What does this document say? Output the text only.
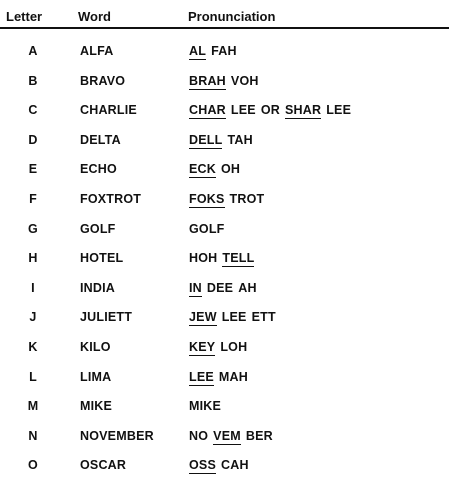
Letter	Word	Pronunciation
A	ALFA	AL FAH
B	BRAVO	BRAH VOH
C	CHARLIE	CHAR LEE OR SHAR LEE
D	DELTA	DELL TAH
E	ECHO	ECK OH
F	FOXTROT	FOKS TROT
G	GOLF	GOLF
H	HOTEL	HOH TELL
I	INDIA	IN DEE AH
J	JULIETT	JEW LEE ETT
K	KILO	KEY LOH
L	LIMA	LEE MAH
M	MIKE	MIKE
N	NOVEMBER	NO VEM BER
O	OSCAR	OSS CAH
